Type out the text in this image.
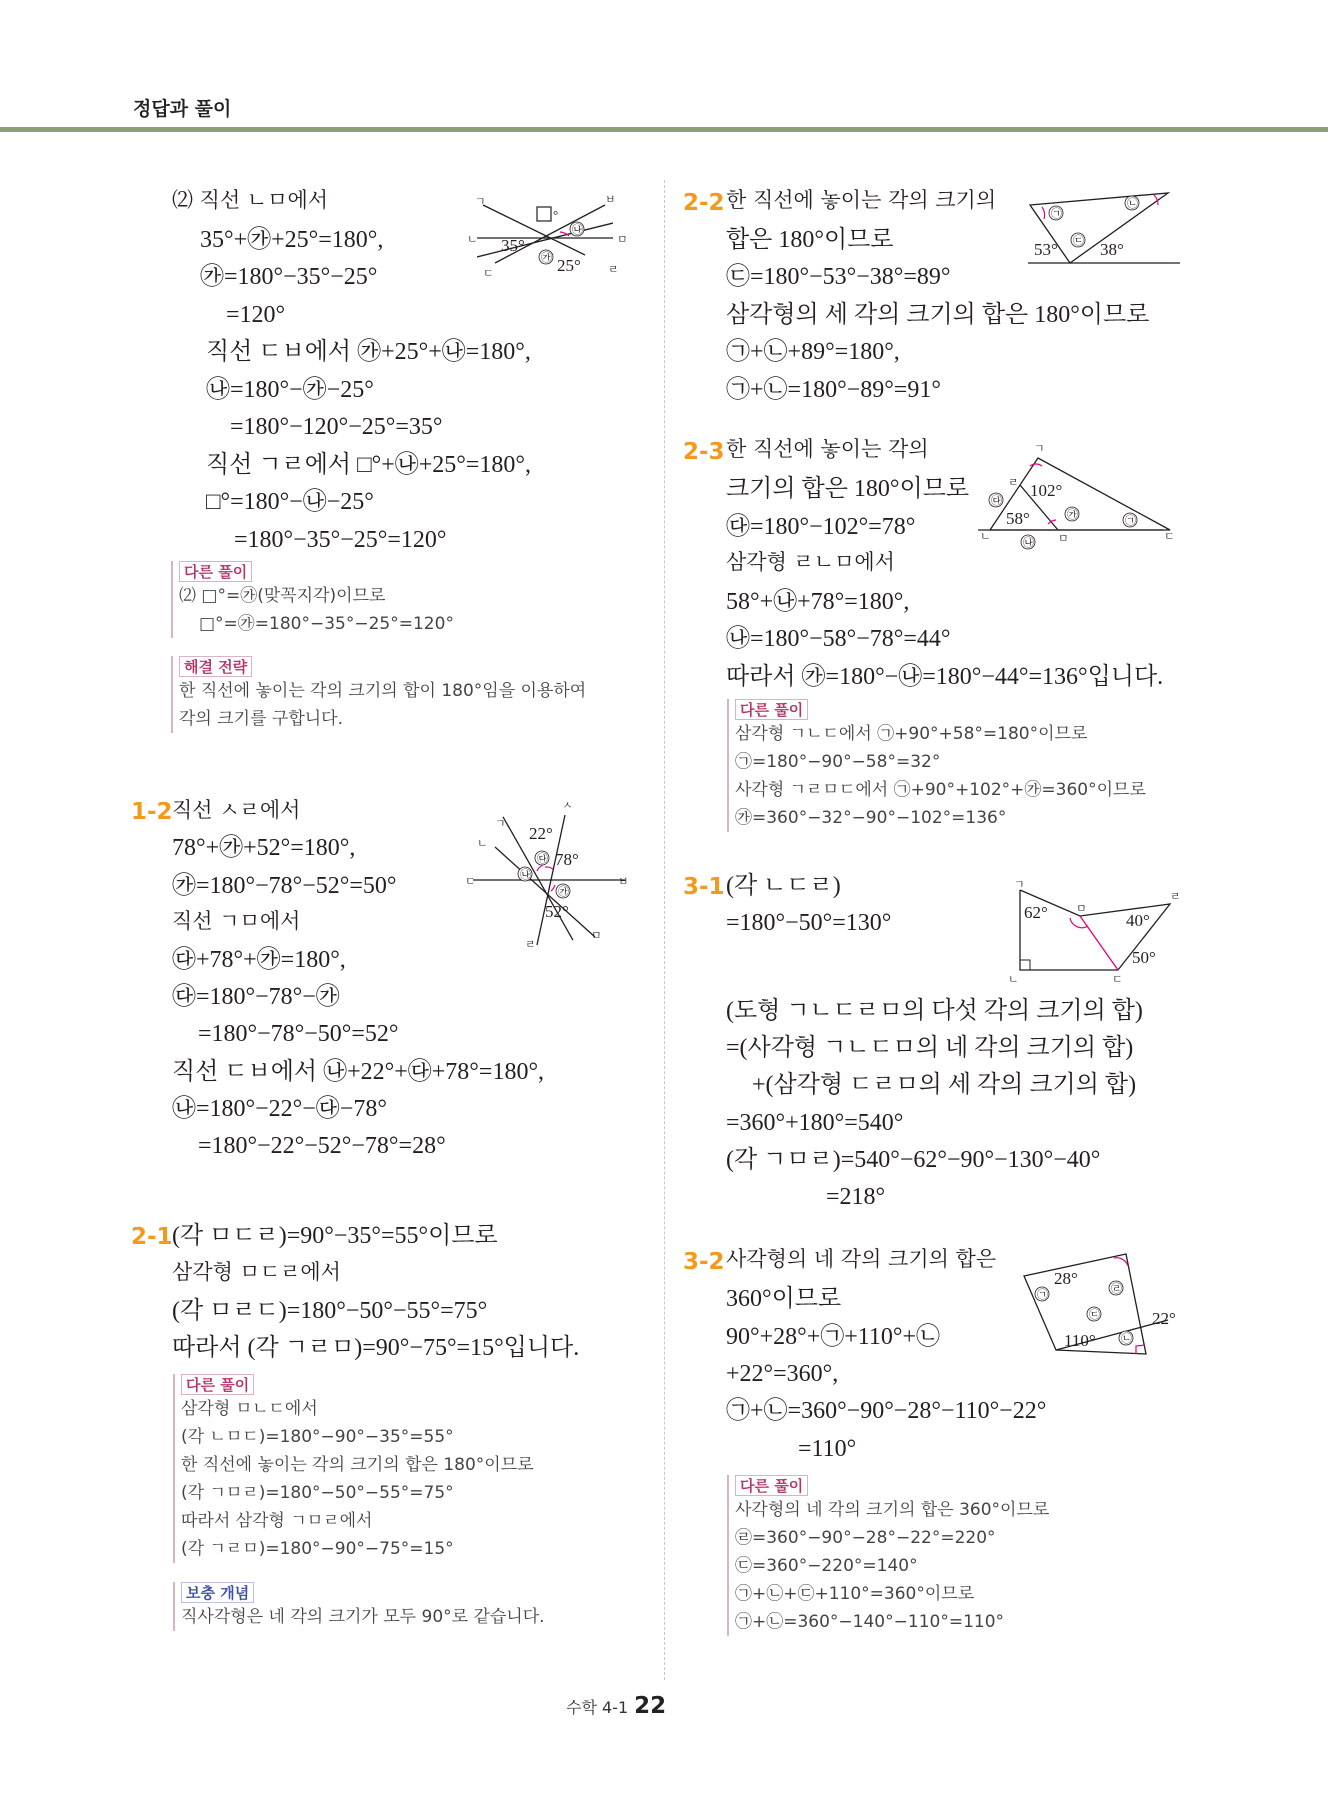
정답과 풀이
⑵ 직선 ㄴㅁ에서
35°+㉮+25°=180°,
㉮=180°−35°−25°
=120°
직선 ㄷㅂ에서 ㉮+25°+㉯=180°,
㉯=180°−㉮−25°
=180°−120°−25°=35°
직선 ㄱㄹ에서 □°+㉯+25°=180°,
□°=180°−㉯−25°
=180°−35°−25°=120°
ㄱ
ㄴ
ㄷ
ㅂ
ㅁ
ㄹ
°
35°
25°
㉮
㉯
다른 풀이
⑵ □°=㉮(맞꼭지각)이므로
□°=㉮=180°−35°−25°=120°
해결 전략
한 직선에 놓이는 각의 크기의 합이 180°임을 이용하여
각의 크기를 구합니다.
1-2 직선 ㅅㄹ에서
78°+㉮+52°=180°,
㉮=180°−78°−52°=50°
직선 ㄱㅁ에서
㉰+78°+㉮=180°,
㉰=180°−78°−㉮
=180°−78°−50°=52°
직선 ㄷㅂ에서 ㉯+22°+㉰+78°=180°,
㉯=180°−22°−㉰−78°
=180°−22°−52°−78°=28°
ㅅ
ㄱ
ㄴ
ㄷ	ㅂ
ㄹ
ㅁ
22°
78°
52°
㉯
㉰
㉮
2-1 (각 ㅁㄷㄹ)=90°−35°=55°이므로
삼각형 ㅁㄷㄹ에서
(각 ㅁㄹㄷ)=180°−50°−55°=75°
따라서 (각 ㄱㄹㅁ)=90°−75°=15°입니다.
다른 풀이
삼각형 ㅁㄴㄷ에서
(각 ㄴㅁㄷ)=180°−90°−35°=55°
한 직선에 놓이는 각의 크기의 합은 180°이므로
(각 ㄱㅁㄹ)=180°−50°−55°=75°
따라서 삼각형 ㄱㅁㄹ에서
(각 ㄱㄹㅁ)=180°−90°−75°=15°
보충 개념
직사각형은 네 각의 크기가 모두 90°로 같습니다.
2-2 한 직선에 놓이는 각의 크기의
합은 180°이므로
㉢=180°−53°−38°=89°
삼각형의 세 각의 크기의 합은 180°이므로
㉠+㉡+89°=180°,
㉠+㉡=180°−89°=91°
㉠
㉡
㉢
53° 38°
2-3 한 직선에 놓이는 각의
크기의 합은 180°이므로
㉰=180°−102°=78°
삼각형 ㄹㄴㅁ에서
58°+㉯+78°=180°,
㉯=180°−58°−78°=44°
따라서 ㉮=180°−㉯=180°−44°=136°입니다.
ㄱ
ㄹ
ㄴ	ㅁ	ㄷ
102°
58°
㉰
㉮
㉯
㉠
다른 풀이
삼각형 ㄱㄴㄷ에서 ㉠+90°+58°=180°이므로
㉠=180°−90°−58°=32°
사각형 ㄱㄹㅁㄷ에서 ㉠+90°+102°+㉮=360°이므로
㉮=360°−32°−90°−102°=136°
3-1 (각 ㄴㄷㄹ)
=180°−50°=130°
(도형 ㄱㄴㄷㄹㅁ의 다섯 각의 크기의 합)
=(사각형 ㄱㄴㄷㅁ의 네 각의 크기의 합)
+(삼각형 ㄷㄹㅁ의 세 각의 크기의 합)
=360°+180°=540°
(각 ㄱㅁㄹ)=540°−62°−90°−130°−40°
=218°
ㄱ
ㅁ
ㄹ
ㄴ	ㄷ
62°	40°
50°
3-2 사각형의 네 각의 크기의 합은
360°이므로
90°+28°+㉠+110°+㉡
+22°=360°,
㉠+㉡=360°−90°−28°−110°−22°
=110°
28°
㉠	㉣
㉢	22°
110° ㉡
다른 풀이
사각형의 네 각의 크기의 합은 360°이므로
㉣=360°−90°−28°−22°=220°
㉢=360°−220°=140°
㉠+㉡+㉢+110°=360°이므로
㉠+㉡=360°−140°−110°=110°
수학 4-1 22
